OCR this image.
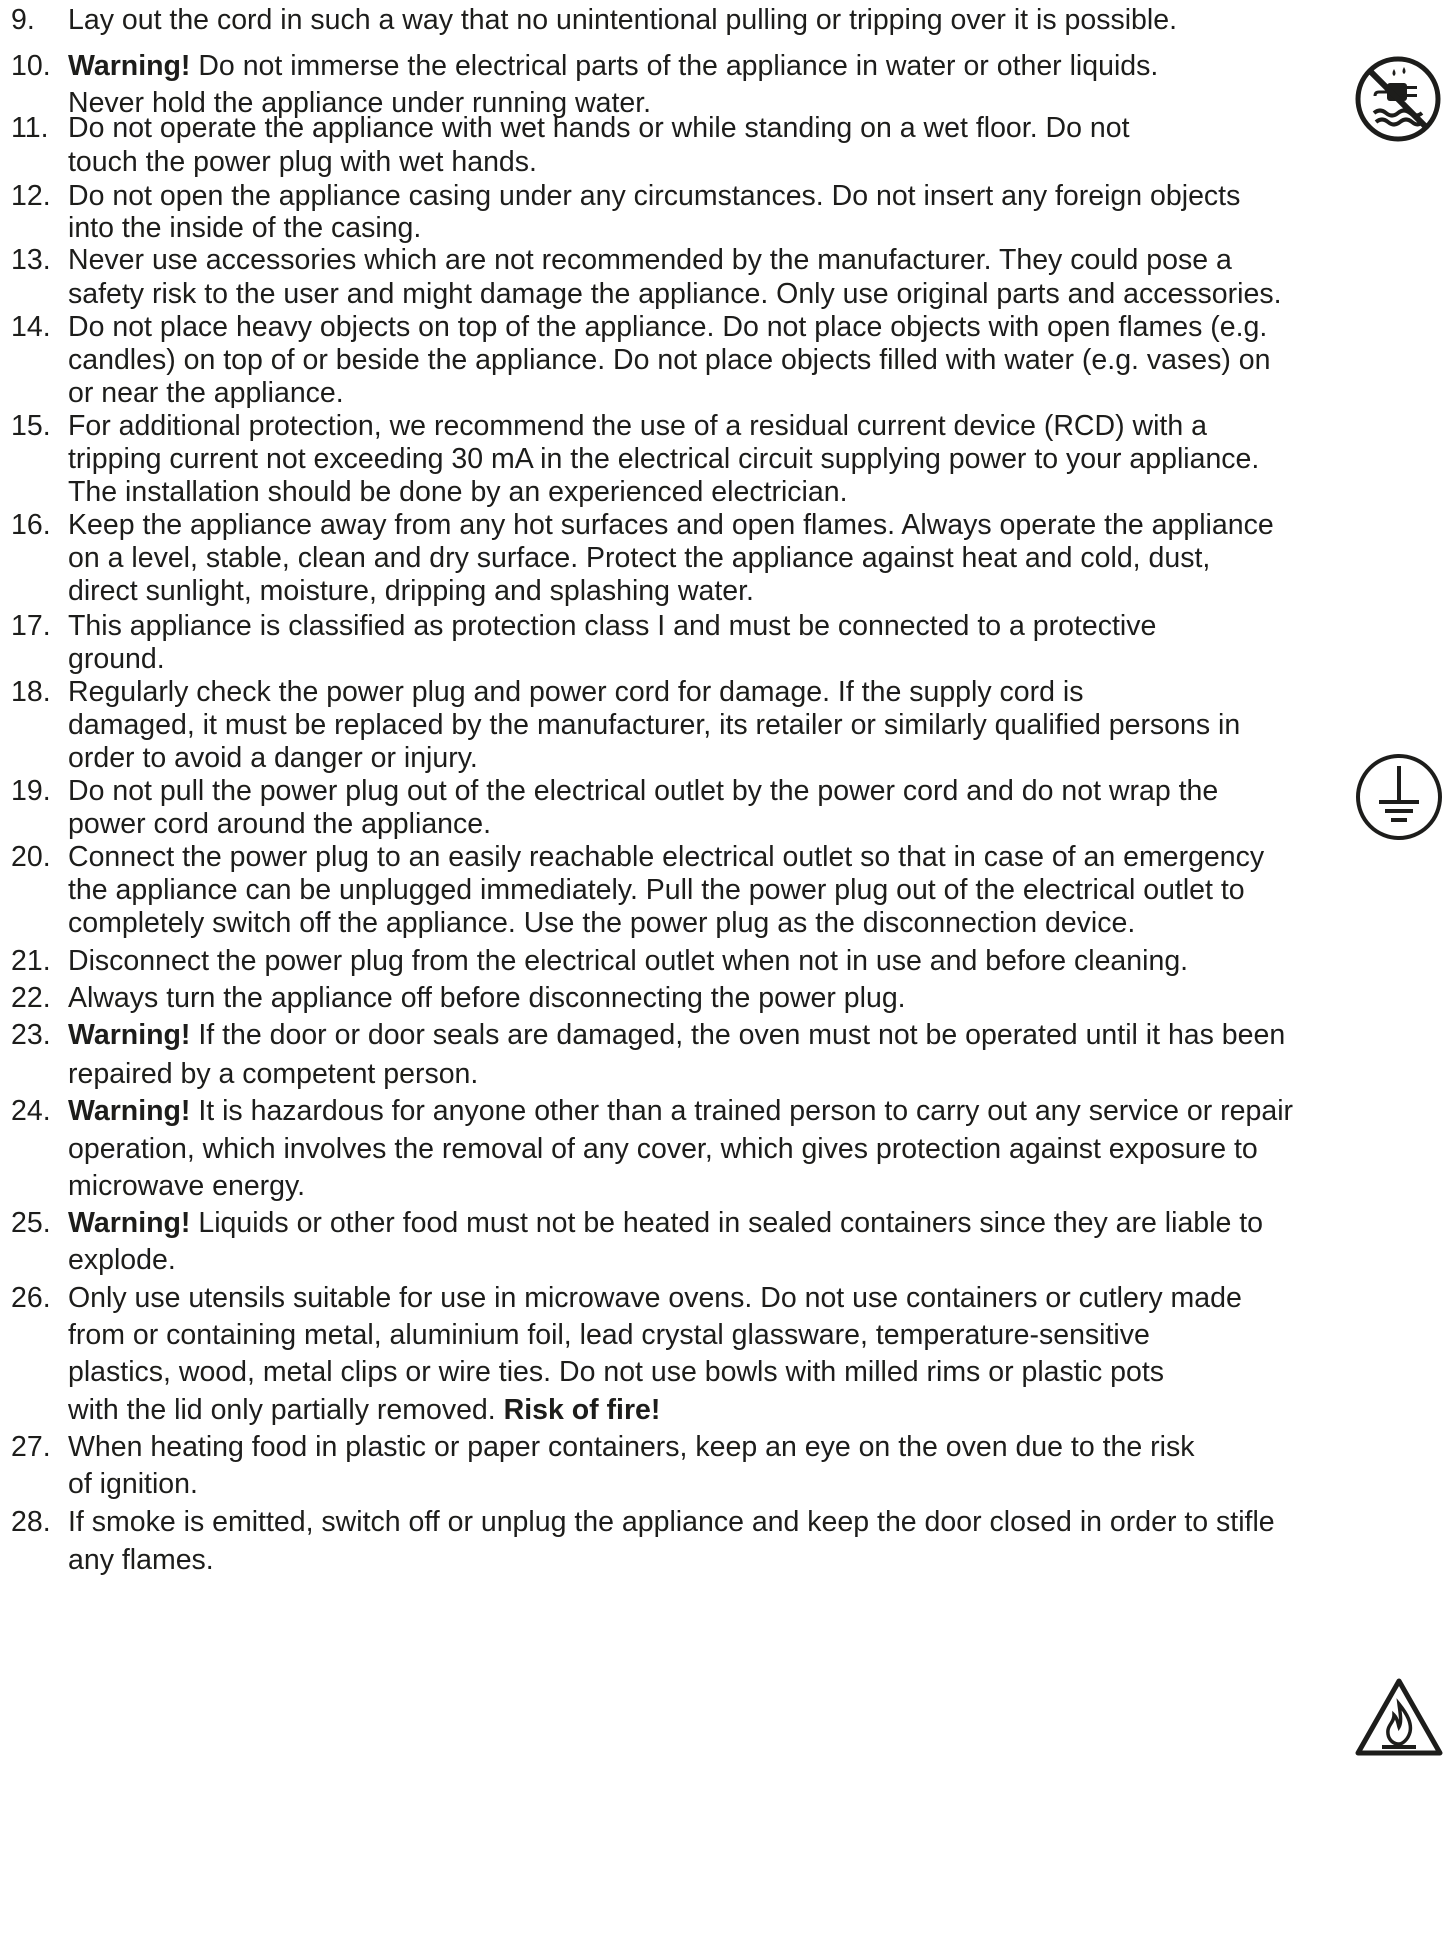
9. Lay out the cord in such a way that no unintentional pulling or tripping over it is possible.
10. Warning! Do not immerse the electrical parts of the appliance in water or other liquids.
Never hold the appliance under running water.
11. Do not operate the appliance with wet hands or while standing on a wet floor. Do not
touch the power plug with wet hands.
12. Do not open the appliance casing under any circumstances. Do not insert any foreign objects
into the inside of the casing.
13. Never use accessories which are not recommended by the manufacturer. They could pose a
safety risk to the user and might damage the appliance. Only use original parts and accessories.
14. Do not place heavy objects on top of the appliance. Do not place objects with open flames (e.g.
candles) on top of or beside the appliance. Do not place objects filled with water (e.g. vases) on
or near the appliance.
15. For additional protection, we recommend the use of a residual current device (RCD) with a
tripping current not exceeding 30 mA in the electrical circuit supplying power to your appliance.
The installation should be done by an experienced electrician.
16. Keep the appliance away from any hot surfaces and open flames. Always operate the appliance
on a level, stable, clean and dry surface. Protect the appliance against heat and cold, dust,
direct sunlight, moisture, dripping and splashing water.
17. This appliance is classified as protection class I and must be connected to a protective
ground.
18. Regularly check the power plug and power cord for damage. If the supply cord is
damaged, it must be replaced by the manufacturer, its retailer or similarly qualified persons in
order to avoid a danger or injury.
19. Do not pull the power plug out of the electrical outlet by the power cord and do not wrap the
power cord around the appliance.
20. Connect the power plug to an easily reachable electrical outlet so that in case of an emergency
the appliance can be unplugged immediately. Pull the power plug out of the electrical outlet to
completely switch off the appliance. Use the power plug as the disconnection device.
21. Disconnect the power plug from the electrical outlet when not in use and before cleaning.
22. Always turn the appliance off before disconnecting the power plug.
23. Warning! If the door or door seals are damaged, the oven must not be operated until it has been
repaired by a competent person.
24. Warning! It is hazardous for anyone other than a trained person to carry out any service or repair
operation, which involves the removal of any cover, which gives protection against exposure to
microwave energy.
25. Warning! Liquids or other food must not be heated in sealed containers since they are liable to
explode.
26. Only use utensils suitable for use in microwave ovens. Do not use containers or cutlery made
from or containing metal, aluminium foil, lead crystal glassware, temperature-sensitive
plastics, wood, metal clips or wire ties. Do not use bowls with milled rims or plastic pots
with the lid only partially removed. Risk of fire!
27. When heating food in plastic or paper containers, keep an eye on the oven due to the risk
of ignition.
28. If smoke is emitted, switch off or unplug the appliance and keep the door closed in order to stifle
any flames.
